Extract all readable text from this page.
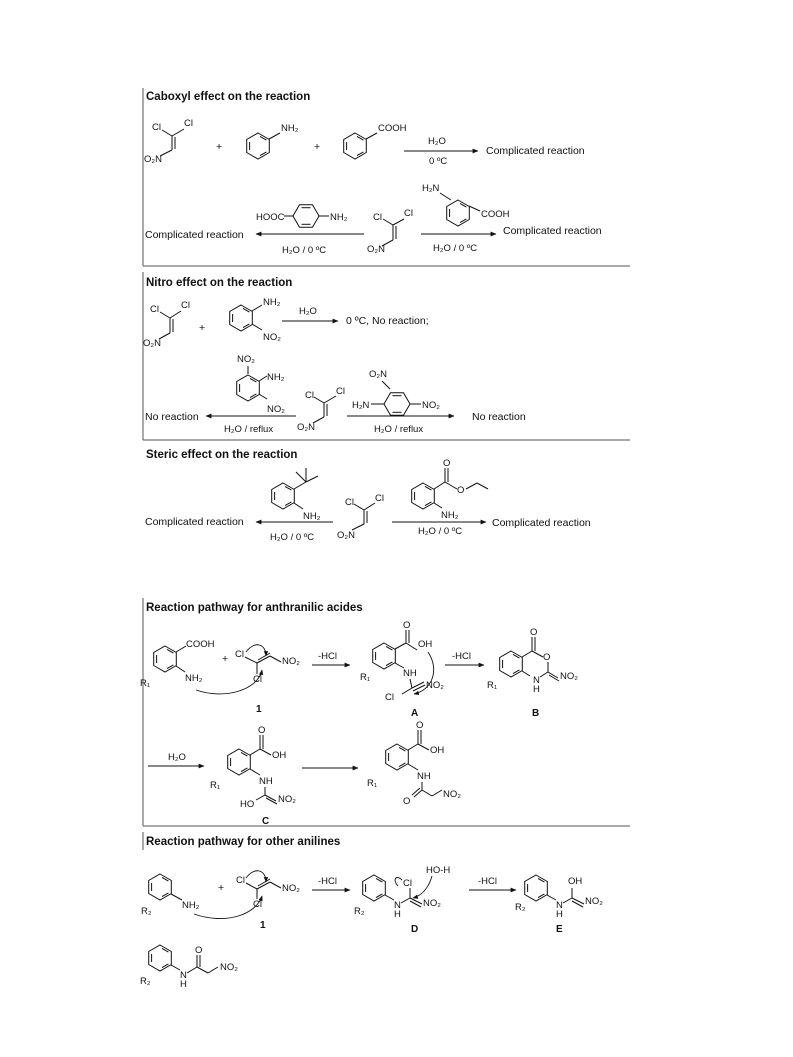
Caboxyl effect on the reaction
Nitro effect on the reaction
Steric effect on the reaction
Reaction pathway for anthranilic acides
Reaction pathway for other anilines
Cl Cl
O₂N
+
NH₂
+
COOH
H₂O
0 ºC
Complicated reaction
HOOC	NH₂	Cl Cl
O₂N
H₂N
COOH
Complicated reaction
H₂O / 0 ºC
Complicated reaction
H₂O / 0 ºC
Cl Cl
O₂N
+
NH₂
NO₂
H₂O
0 ºC, No reaction;
NO₂
NH₂
NO₂
Cl Cl
O₂N
O₂N
H₂N	NO₂
No reaction
H₂O / reflux
No reaction
H₂O / reflux
NH₂
Cl Cl
O₂N
O
O
NH₂
Complicated reaction
H₂O / 0 ºC
Complicated reaction
H₂O / 0 ºC
COOH
NH₂
R₁
+ Cl
NO₂
Cl
1
-HCl
O
OH
NH
NO₂
Cl
R₁
A
-HCl
O
O
NO₂
N
H
R₁
B
H₂O
O
OH
NH
NO₂
HO
R₁
C
O
OH
NH
NO₂
O
R₁
NH₂
R₂
+
Cl
NO₂
Cl
1
-HCl
N
H
NO₂
Cl
HO-H
R₂
D
-HCl
N
H
OH
NO₂
R₂
E
N
H
O
NO₂
R₂
